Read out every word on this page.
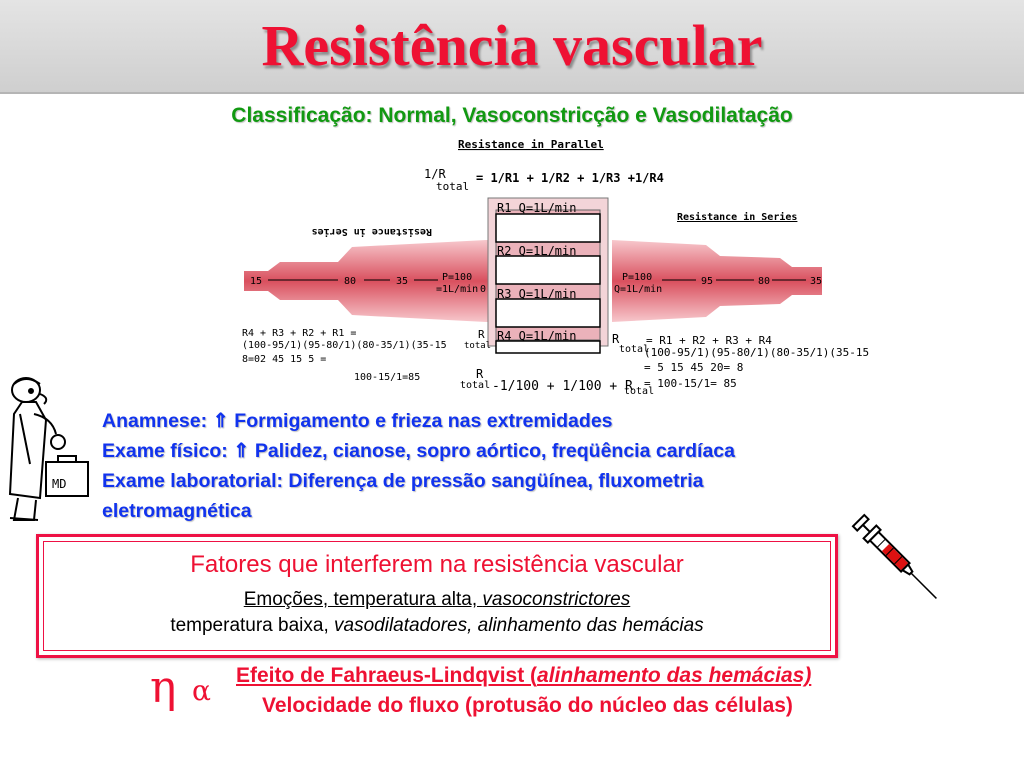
Resistência vascular
Classificação: Normal, Vasoconstricção e Vasodilatação
Resistance in Parallel
1/R
total
= 1/R1 + 1/R2 + 1/R3 +1/R4
Resistance in Series
Resistance in Series
R1 Q=1L/min
R2 Q=1L/min
R3 Q=1L/min
R4 Q=1L/min
P=100
Q=1L/min
95	80	35
15	80	35	P=100
=1L/min 0
R
total
= R1 + R2 + R3 + R4
(100-95/1)(95-80/1)(80-35/1)(35-15
= 5 15 45 20= 8
= 100-15/1= 85
R4 + R3 + R2 + R1 =
(100-95/1)(95-80/1)(80-35/1)(35-15
8=02 45 15 5 =
100-15/1=85
R
total
R
total -1/100 + 1/100 + R
total
MD
Anamnese: ⇑ Formigamento e frieza nas extremidades
Exame físico: ⇑ Palidez, cianose, sopro aórtico, freqüência cardíaca
Exame laboratorial: Diferença de pressão sangüínea, fluxometria
eletromagnética
Fatores que interferem na resistência vascular
Emoções, temperatura alta, vasoconstrictores
temperatura baixa, vasodilatadores, alinhamento das hemácias
η α Efeito de Fahraeus-Lindqvist (alinhamento das hemácias)
Velocidade do fluxo (protusão do núcleo das células)
